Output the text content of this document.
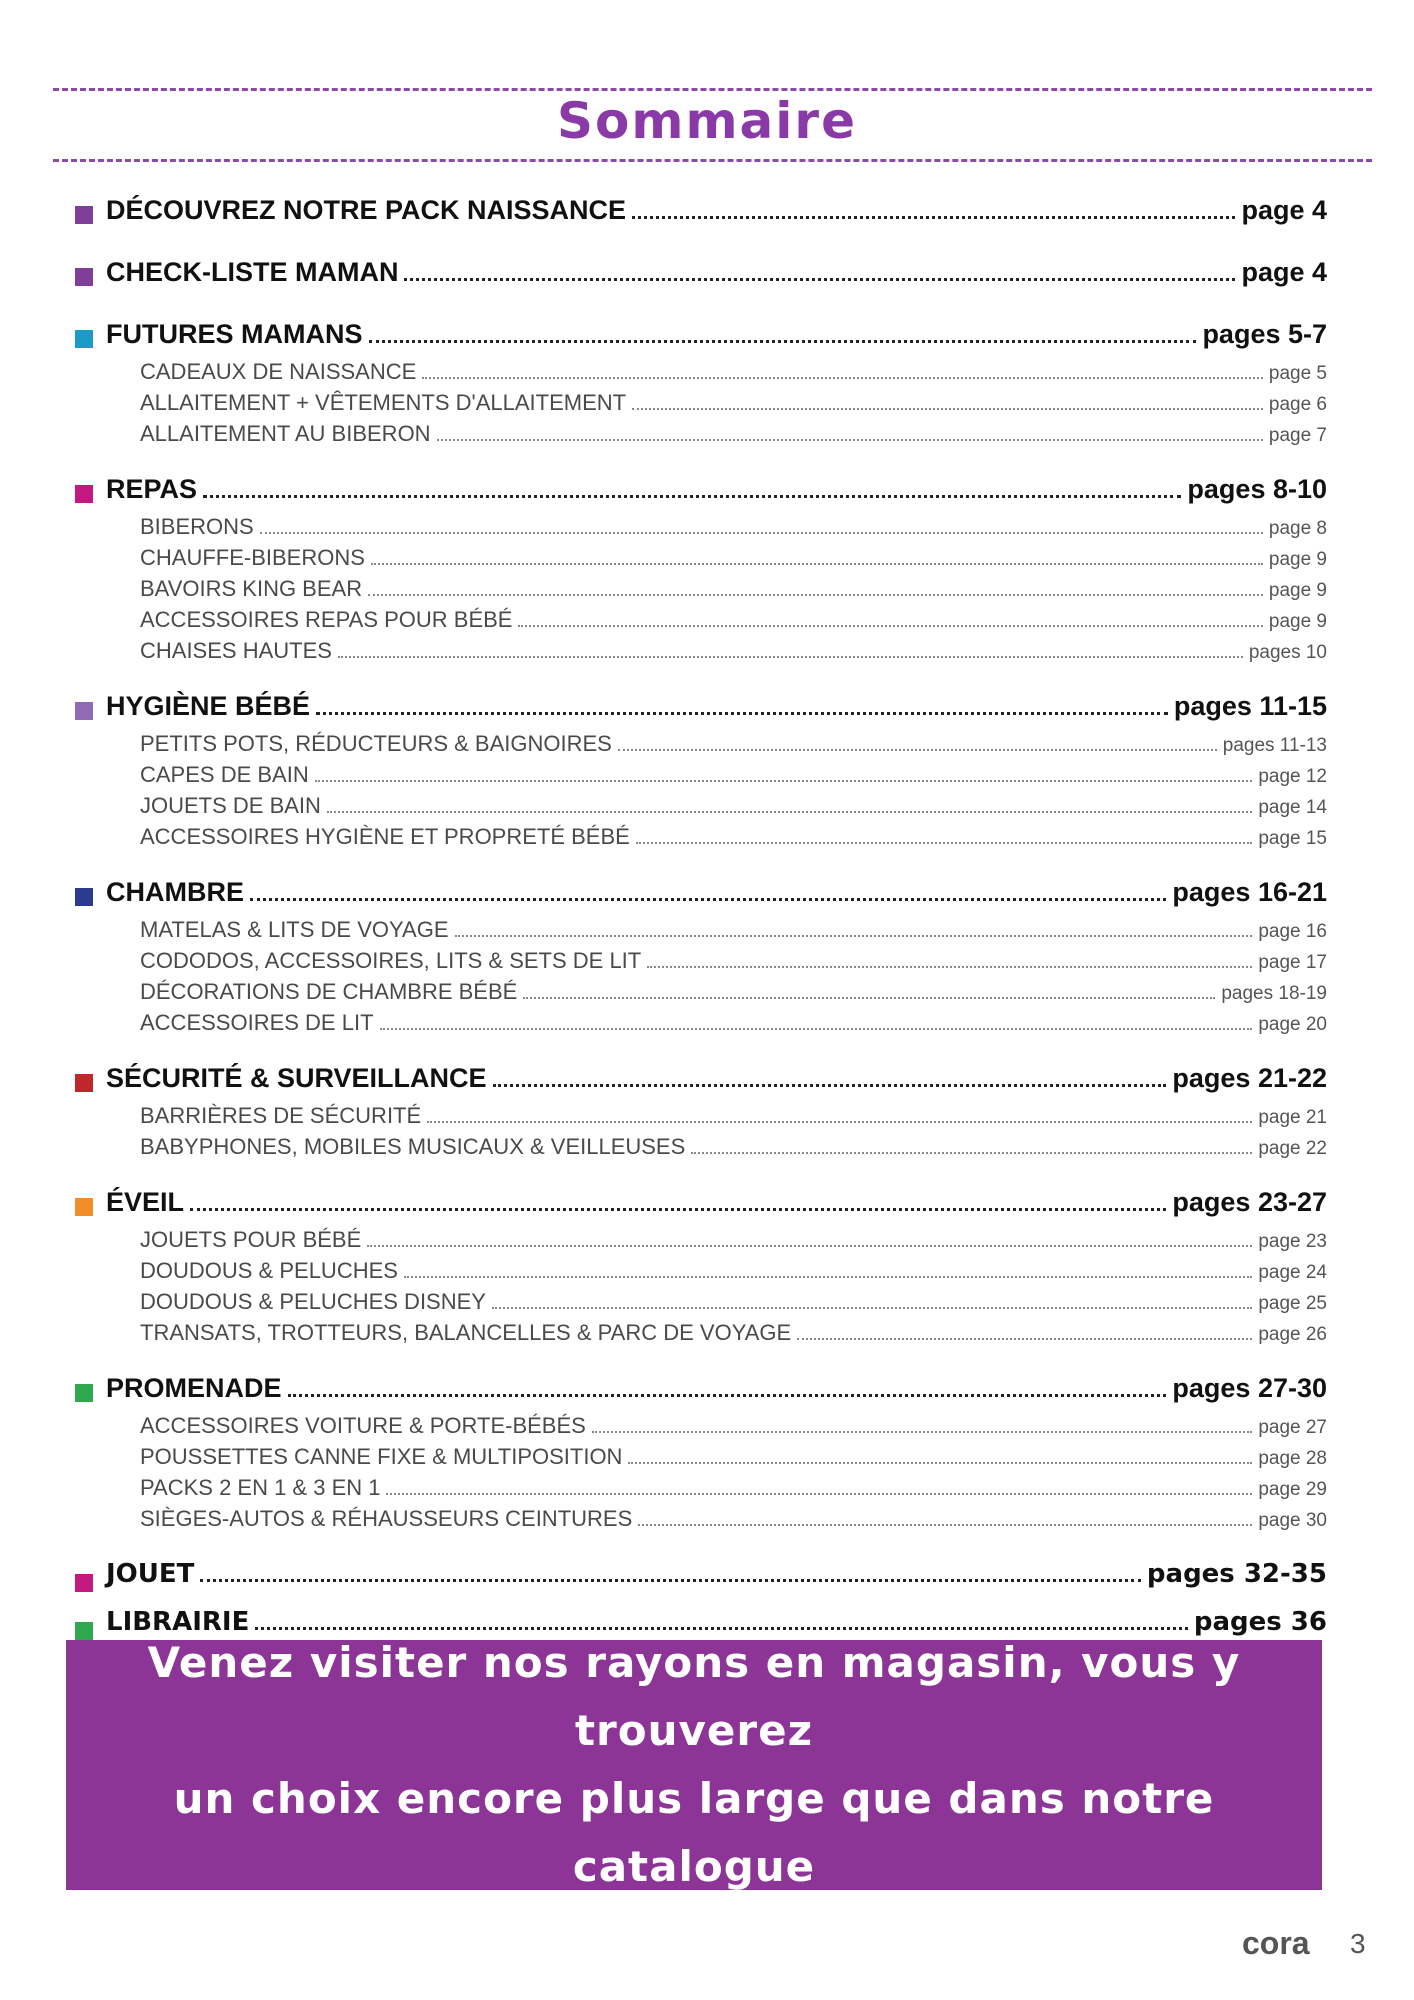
Sommaire
DÉCOUVREZ NOTRE PACK NAISSANCE	page 4
CHECK-LISTE MAMAN	page 4
FUTURES MAMANS	pages 5-7
CADEAUX DE NAISSANCE	page 5
ALLAITEMENT + VÊTEMENTS D'ALLAITEMENT	page 6
ALLAITEMENT AU BIBERON	page 7
REPAS	pages 8-10
BIBERONS	page 8
CHAUFFE-BIBERONS	page 9
BAVOIRS KING BEAR	page 9
ACCESSOIRES REPAS POUR BÉBÉ	page 9
CHAISES HAUTES	pages 10
HYGIÈNE BÉBÉ	pages 11-15
PETITS POTS, RÉDUCTEURS & BAIGNOIRES	pages 11-13
CAPES DE BAIN	page 12
JOUETS DE BAIN	page 14
ACCESSOIRES HYGIÈNE ET PROPRETÉ BÉBÉ	page 15
CHAMBRE	pages 16-21
MATELAS & LITS DE VOYAGE	page 16
CODODOS, ACCESSOIRES, LITS & SETS DE LIT	page 17
DÉCORATIONS DE CHAMBRE BÉBÉ	pages 18-19
ACCESSOIRES DE LIT	page 20
SÉCURITÉ & SURVEILLANCE	pages 21-22
BARRIÈRES DE SÉCURITÉ	page 21
BABYPHONES, MOBILES MUSICAUX & VEILLEUSES	page 22
ÉVEIL	pages 23-27
JOUETS POUR BÉBÉ	page 23
DOUDOUS & PELUCHES	page 24
DOUDOUS & PELUCHES DISNEY	page 25
TRANSATS, TROTTEURS, BALANCELLES & PARC DE VOYAGE	page 26
PROMENADE	pages 27-30
ACCESSOIRES VOITURE & PORTE-BÉBÉS	page 27
POUSSETTES CANNE FIXE & MULTIPOSITION	page 28
PACKS 2 EN 1 & 3 EN 1	page 29
SIÈGES-AUTOS & RÉHAUSSEURS CEINTURES	page 30
JOUET	pages 32-35
LIBRAIRIE	pages 36
Venez visiter nos rayons en magasin, vous y trouverez
un choix encore plus large que dans notre catalogue
cora 3
